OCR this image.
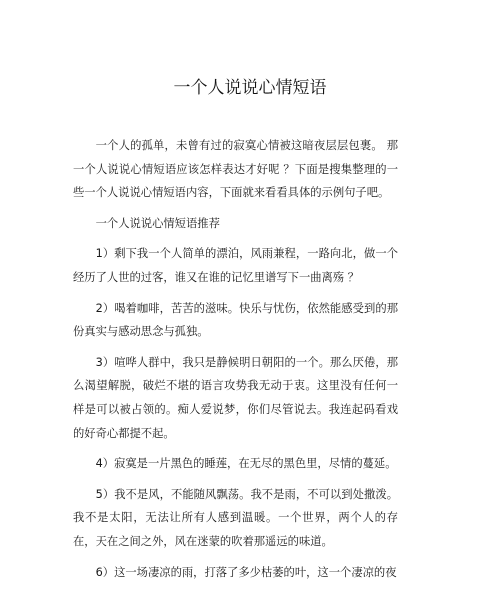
一个人说说心情短语

一个人的孤单，未曾有过的寂寞心情被这暗夜层层包裹。 那一个人说说心情短语应该怎样表达才好呢 ？下面是搜集整理的一些一个人说说心情短语内容，下面就来看看具体的示例句子吧。

一个人说说心情短语推荐

1）剩下我一个人简单的漂泊，风雨兼程，一路向北，做一个经历了人世的过客，谁又在谁的记忆里谱写下一曲离殇 ？

2）喝着咖啡，苦苦的滋味。快乐与忧伤，依然能感受到的那份真实与感动思念与孤独。

3）喧哗人群中，我只是静候明日朝阳的一个。那么厌倦，那么渴望解脱，破烂不堪的语言攻势我无动于衷。这里没有任何一样是可以被占领的。痴人爱说梦，你们尽管说去。我连起码看戏的好奇心都提不起。

4）寂寞是一片黑色的睡莲，在无尽的黑色里，尽情的蔓延。

5）我不是风，不能随风飘荡。我不是雨，不可以到处撒泼。我不是太阳，无法让所有人感到温暖。一个世界，两个人的存在，天在之间之外，风在迷蒙的吹着那遥远的味道。

6）这一场凄凉的雨，打落了多少枯萎的叶，这一个凄凉的夜
